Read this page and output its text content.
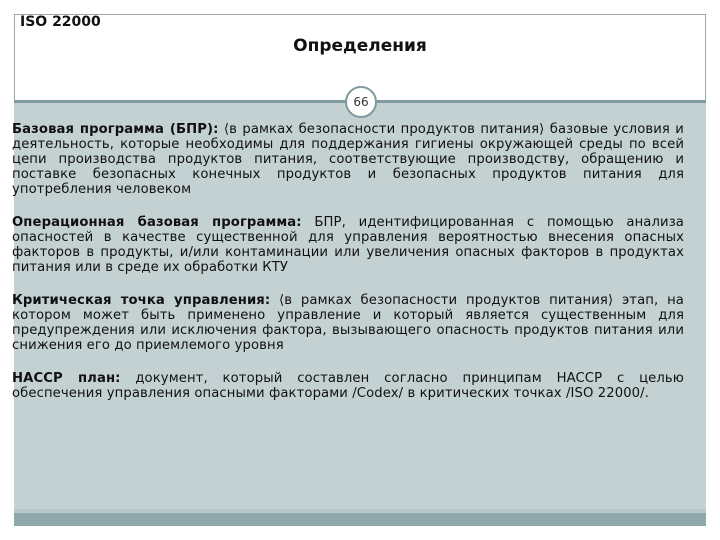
ISO 22000
Определения
66

Базовая программа (БПР): ⟨в рамках безопасности продуктов питания⟩ базовые условия и деятельность, которые необходимы для поддержания гигиены окружающей среды по всей цепи производства продуктов питания, соответствующие производству, обращению и поставке безопасных конечных продуктов и безопасных продуктов питания для употребления человеком

Операционная базовая программа: БПР, идентифицированная с помощью анализа опасностей в качестве существенной для управления вероятностью внесения опасных факторов в продукты, и/или контаминации или увеличения опасных факторов в продуктах питания или в среде их обработки КТУ

Критическая точка управления: ⟨в рамках безопасности продуктов питания⟩ этап, на котором может быть применено управление и который является существенным для предупреждения или исключения фактора, вызывающего опасность продуктов питания или снижения его до приемлемого уровня

HACCP план: документ, который составлен согласно принципам HACCP с целью обеспечения управления опасными факторами /Codex/ в критических точках /ISO 22000/.
